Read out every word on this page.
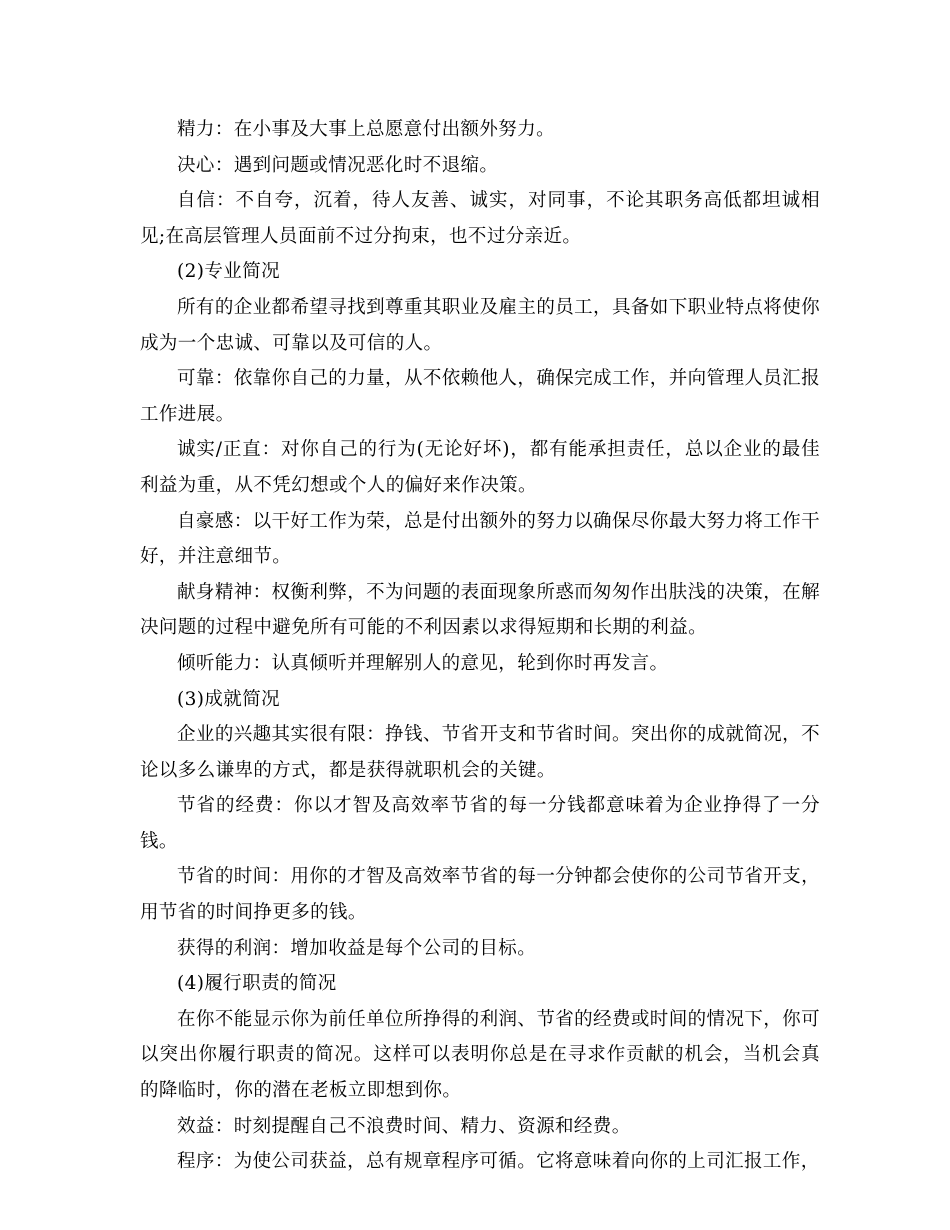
精力：在小事及大事上总愿意付出额外努力。

决心：遇到问题或情况恶化时不退缩。

自信：不自夸，沉着，待人友善、诚实，对同事，不论其职务高低都坦诚相见;在高层管理人员面前不过分拘束，也不过分亲近。

(2)专业简况

所有的企业都希望寻找到尊重其职业及雇主的员工，具备如下职业特点将使你成为一个忠诚、可靠以及可信的人。

可靠：依靠你自己的力量，从不依赖他人，确保完成工作，并向管理人员汇报工作进展。

诚实/正直：对你自己的行为(无论好坏)，都有能承担责任，总以企业的最佳利益为重，从不凭幻想或个人的偏好来作决策。

自豪感：以干好工作为荣，总是付出额外的努力以确保尽你最大努力将工作干好，并注意细节。

献身精神：权衡利弊，不为问题的表面现象所惑而匆匆作出肤浅的决策，在解决问题的过程中避免所有可能的不利因素以求得短期和长期的利益。

倾听能力：认真倾听并理解别人的意见，轮到你时再发言。

(3)成就简况

企业的兴趣其实很有限：挣钱、节省开支和节省时间。突出你的成就简况，不论以多么谦卑的方式，都是获得就职机会的关键。

节省的经费：你以才智及高效率节省的每一分钱都意味着为企业挣得了一分钱。

节省的时间：用你的才智及高效率节省的每一分钟都会使你的公司节省开支，用节省的时间挣更多的钱。

获得的利润：增加收益是每个公司的目标。

(4)履行职责的简况

在你不能显示你为前任单位所挣得的利润、节省的经费或时间的情况下，你可以突出你履行职责的简况。这样可以表明你总是在寻求作贡献的机会，当机会真的降临时，你的潜在老板立即想到你。

效益：时刻提醒自己不浪费时间、精力、资源和经费。

程序：为使公司获益，总有规章程序可循。它将意味着向你的上司汇报工作，
